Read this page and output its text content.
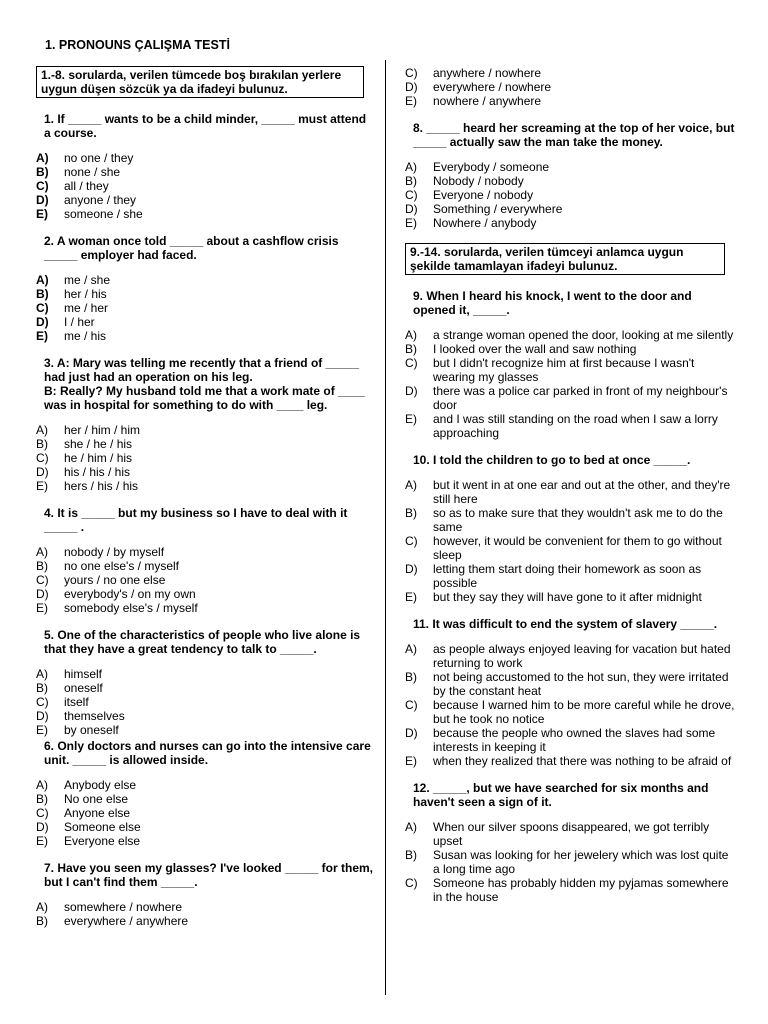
1. PRONOUNS ÇALIŞMA TESTİ
1.-8. sorularda, verilen tümcede boş bırakılan yerlere uygun düşen sözcük ya da ifadeyi bulunuz.
1. If _____ wants to be a child minder, _____ must attend a course.
A)	no one / they
B)	none / she
C)	all / they
D)	anyone / they
E)	someone / she
2. A woman once told _____ about a cashflow crisis _____ employer had faced.
A)	me / she
B)	her / his
C)	me / her
D)	I / her
E)	me / his
3. A: Mary was telling me recently that a friend of _____ had just had an operation on his leg.
B: Really? My husband told me that a work mate of ____ was in hospital for something to do with ____ leg.
A)	her / him / him
B)	she / he / his
C)	he / him / his
D)	his / his / his
E)	hers / his / his
4. It is _____ but my business so I have to deal with it _____ .
A)	nobody / by myself
B)	no one else's / myself
C)	yours / no one else
D)	everybody's / on my own
E)	somebody else's / myself
5. One of the characteristics of people who live alone is that they have a great tendency to talk to _____.
A)	himself
B)	oneself
C)	itself
D)	themselves
E)	by oneself
6. Only doctors and nurses can go into the intensive care unit. _____ is allowed inside.
A)	Anybody else
B)	No one else
C)	Anyone else
D)	Someone else
E)	Everyone else
7. Have you seen my glasses? I've looked _____ for them, but I can't find them _____.
A)	somewhere / nowhere
B)	everywhere / anywhere
C)	anywhere / nowhere
D)	everywhere / nowhere
E)	nowhere / anywhere
8. _____ heard her screaming at the top of her voice, but _____ actually saw the man take the money.
A)	Everybody / someone
B)	Nobody / nobody
C)	Everyone / nobody
D)	Something / everywhere
E)	Nowhere / anybody
9.-14. sorularda, verilen tümceyi anlamca uygun şekilde tamamlayan ifadeyi bulunuz.
9. When I heard his knock, I went to the door and opened it, _____.
A)	a strange woman opened the door, looking at me silently
B)	I looked over the wall and saw nothing
C)	but I didn't recognize him at first because I wasn't wearing my glasses
D)	there was a police car parked in front of my neighbour's door
E)	and I was still standing on the road when I saw a lorry approaching
10. I told the children to go to bed at once _____.
A)	but it went in at one ear and out at the other, and they're still here
B)	so as to make sure that they wouldn't ask me to do the same
C)	however, it would be convenient for them to go without sleep
D)	letting them start doing their homework as soon as possible
E)	but they say they will have gone to it after midnight
11. It was difficult to end the system of slavery _____.
A)	as people always enjoyed leaving for vacation but hated returning to work
B)	not being accustomed to the hot sun, they were irritated by the constant heat
C)	because I warned him to be more careful while he drove, but he took no notice
D)	because the people who owned the slaves had some interests in keeping it
E)	when they realized that there was nothing to be afraid of
12. _____, but we have searched for six months and haven't seen a sign of it.
A)	When our silver spoons disappeared, we got terribly upset
B)	Susan was looking for her jewelery which was lost quite a long time ago
C)	Someone has probably hidden my pyjamas somewhere in the house
